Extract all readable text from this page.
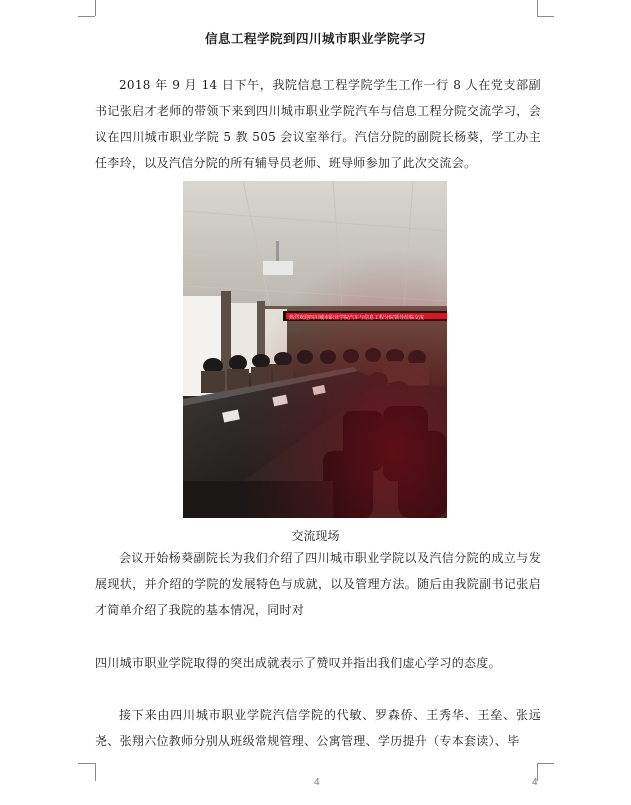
信息工程学院到四川城市职业学院学习
2018 年 9 月 14 日下午，我院信息工程学院学生工作一行 8 人在党支部副书记张启才老师的带领下来到四川城市职业学院汽车与信息工程分院交流学习，会议在四川城市职业学院 5 教 505 会议室举行。汽信分院的副院长杨葵，学工办主任李玲，以及汽信分院的所有辅导员老师、班导师参加了此次交流会。
热烈欢迎四川城市职业学院汽车与信息工程分院领导莅临交流
交流现场
会议开始杨葵副院长为我们介绍了四川城市职业学院以及汽信分院的成立与发展现状，并介绍的学院的发展特色与成就，以及管理方法。随后由我院副书记张启才简单介绍了我院的基本情况，同时对
四川城市职业学院取得的突出成就表示了赞叹并指出我们虚心学习的态度。
接下来由四川城市职业学院汽信学院的代敏、罗森侨、王秀华、王垒、张远尧、张翔六位教师分别从班级常规管理、公寓管理、学历提升（专本套读）、毕
4	4
